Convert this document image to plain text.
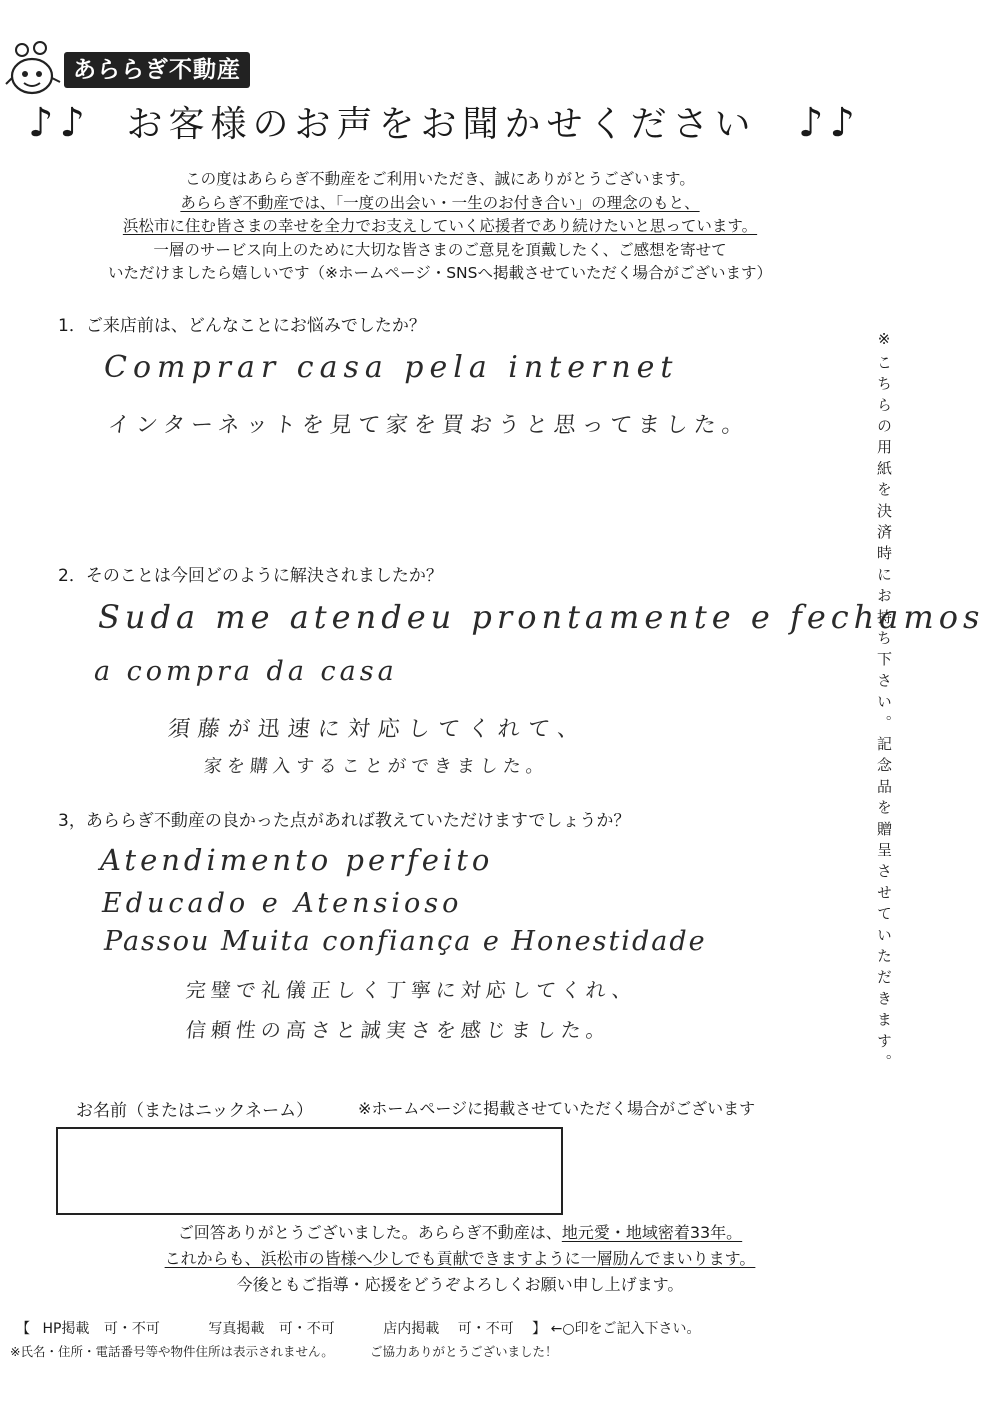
あららぎ不動産
♪♪ お客様のお声をお聞かせください ♪♪
この度はあららぎ不動産をご利用いただき、誠にありがとうございます。
あららぎ不動産では、「一度の出会い・一生のお付き合い」の理念のもと、
浜松市に住む皆さまの幸せを全力でお支えしていく応援者であり続けたいと思っています。
一層のサービス向上のために大切な皆さまのご意見を頂戴したく、ご感想を寄せて
いただけましたら嬉しいです（※ホームページ・SNSへ掲載させていただく場合がございます）
1．ご来店前は、どんなことにお悩みでしたか？
Comprar casa pela internet
インターネットを見て家を買おうと思ってました。
2．そのことは今回どのように解決されましたか？
Suda me atendeu prontamente e fechamos
a compra da casa
須藤が迅速に対応してくれて、
家を購入することができました。
3，あららぎ不動産の良かった点があれば教えていただけますでしょうか？
Atendimento perfeito
Educado e Atensioso
Passou Muita confiança e Honestidade
完璧で礼儀正しく丁寧に対応してくれ、
信頼性の高さと誠実さを感じました。	※こちらの用紙を決済時にお持ち下さい。記念品を贈呈させていただきます。
お名前（またはニックネーム）	※ホームページに掲載させていただく場合がございます
ご回答ありがとうございました。あららぎ不動産は、地元愛・地域密着33年。
これからも、浜松市の皆様へ少しでも貢献できますように一層励んでまいります。
今後ともご指導・応援をどうぞよろしくお願い申し上げます。
【 HP掲載 可・不可	写真掲載 可・不可	店内掲載 可・不可 】 ←○印をご記入下さい。
※氏名・住所・電話番号等や物件住所は表示されません。	ご協力ありがとうございました！
